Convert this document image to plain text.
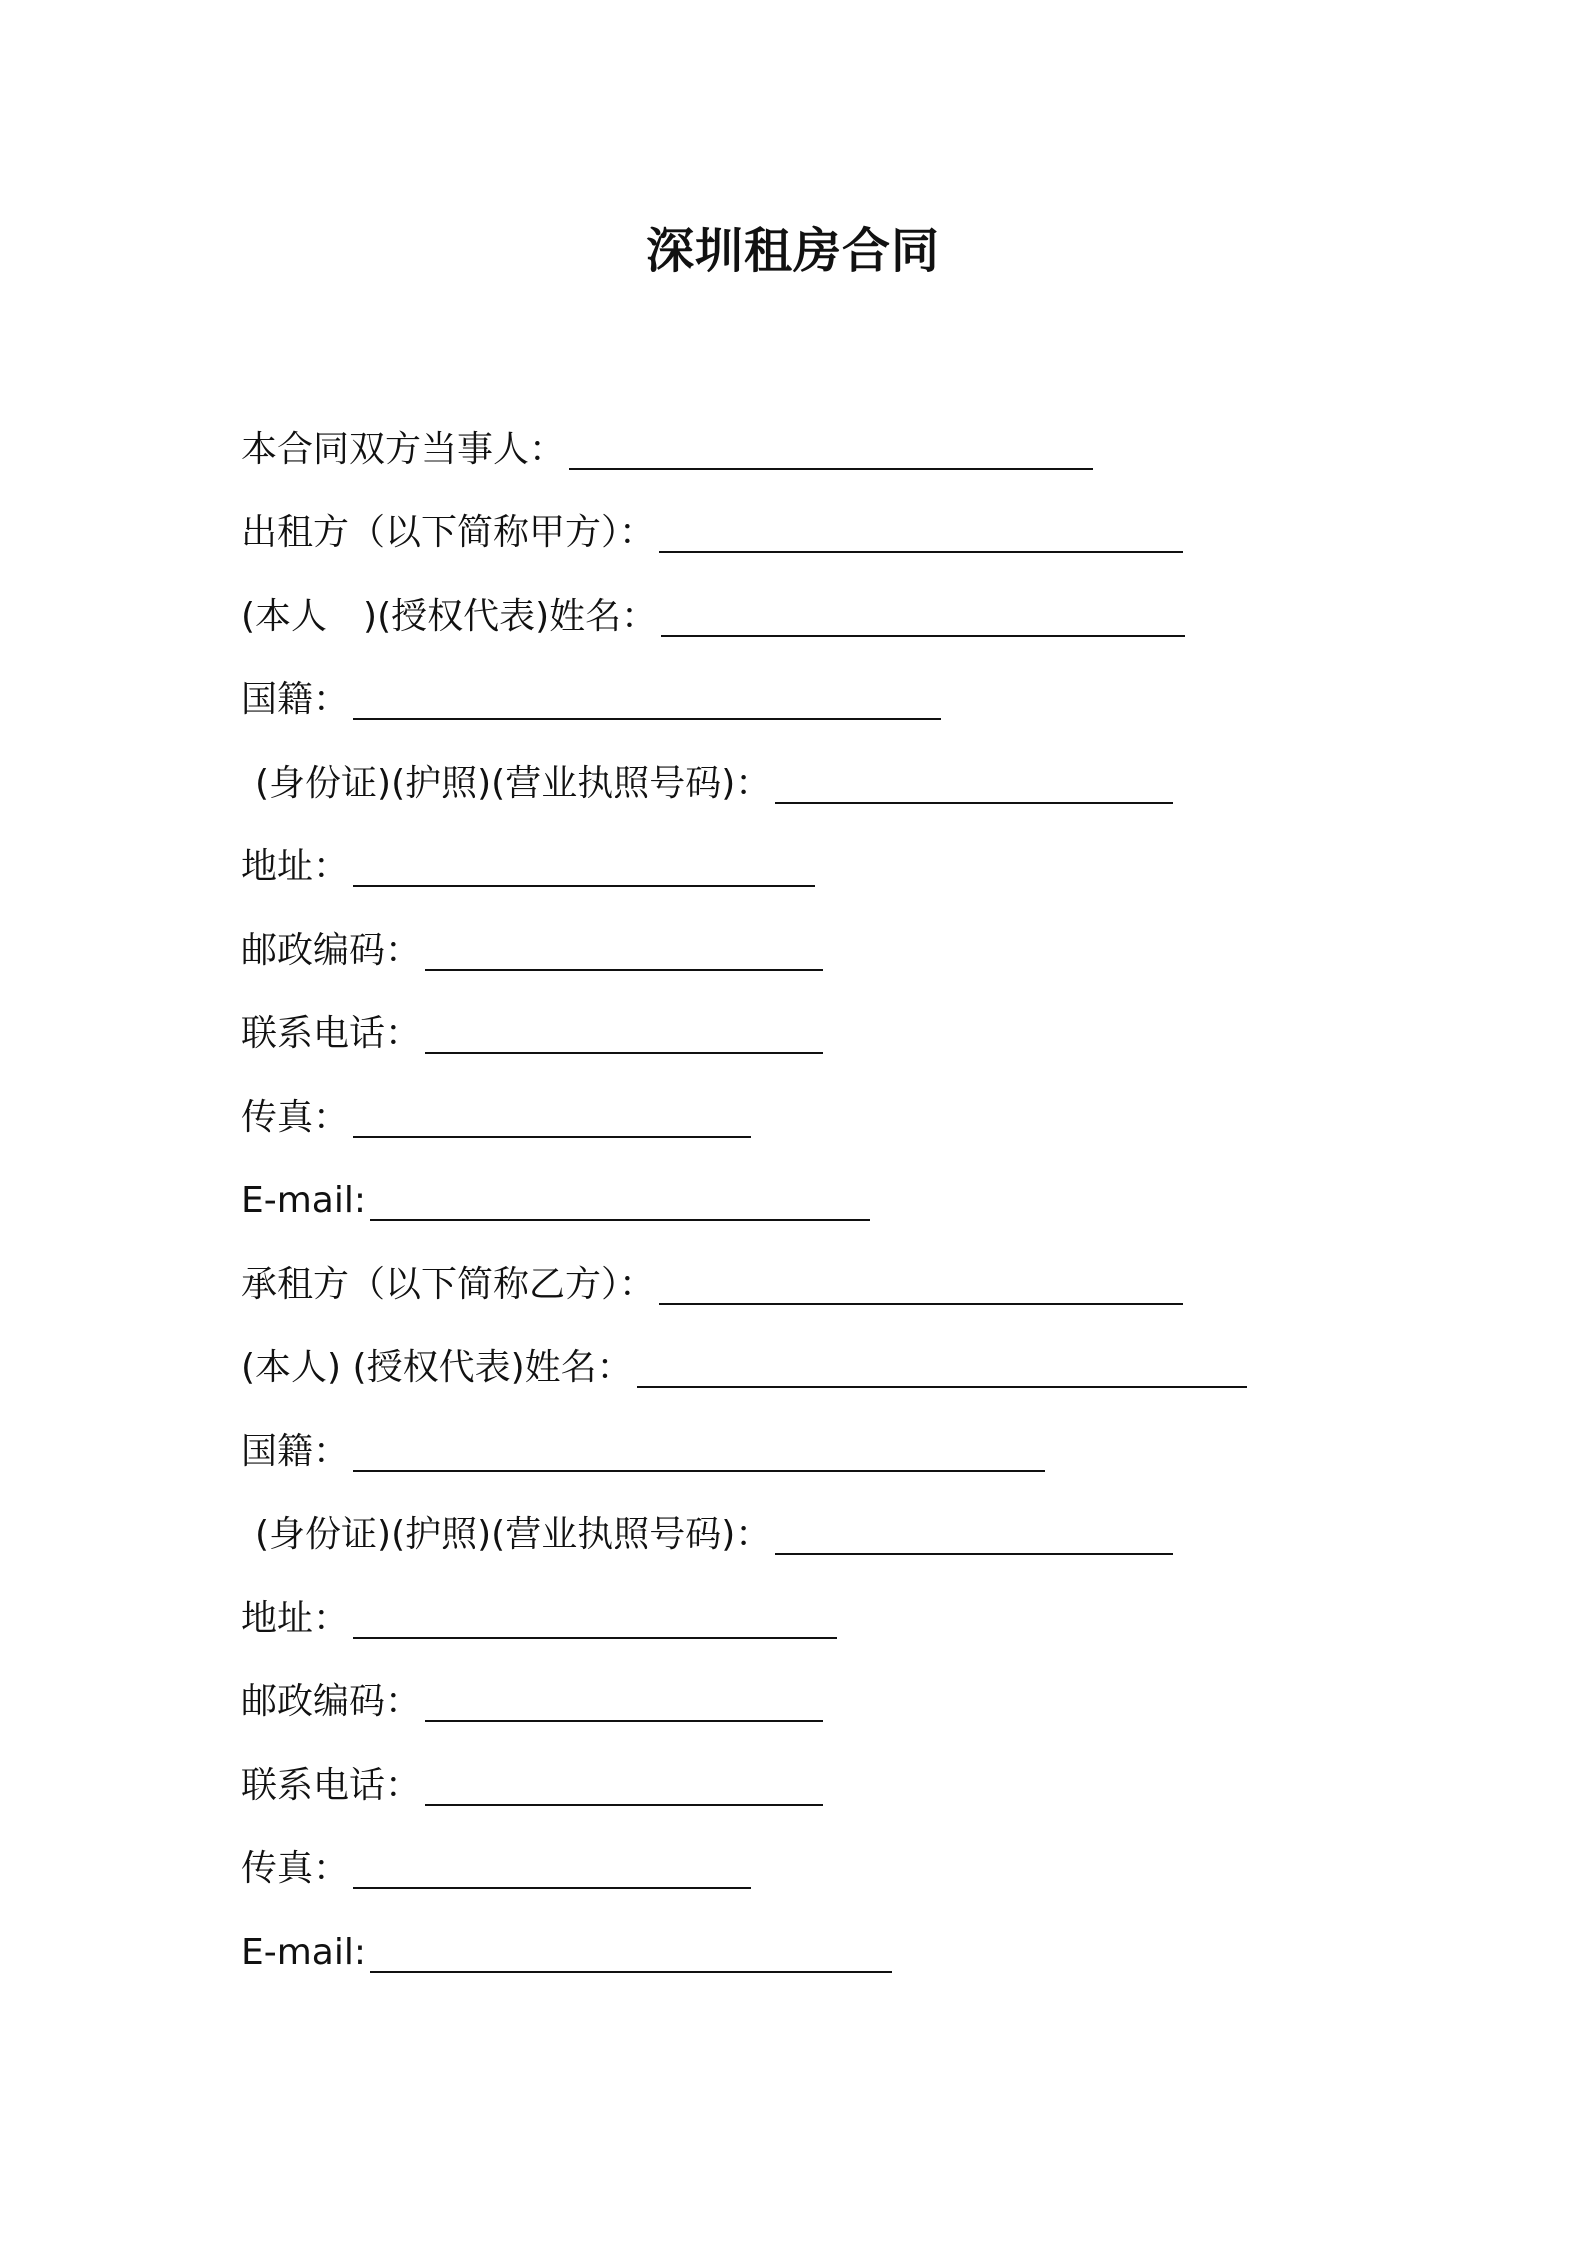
深圳租房合同
本合同双方当事人：
出租方（以下简称甲方）：
(本人　)(授权代表)姓名：
国籍：
(身份证)(护照)(营业执照号码)：
地址：
邮政编码：
联系电话：
传真：
E-mail:
承租方（以下简称乙方）：
(本人) (授权代表)姓名：
国籍：
(身份证)(护照)(营业执照号码)：
地址：
邮政编码：
联系电话：
传真：
E-mail:
